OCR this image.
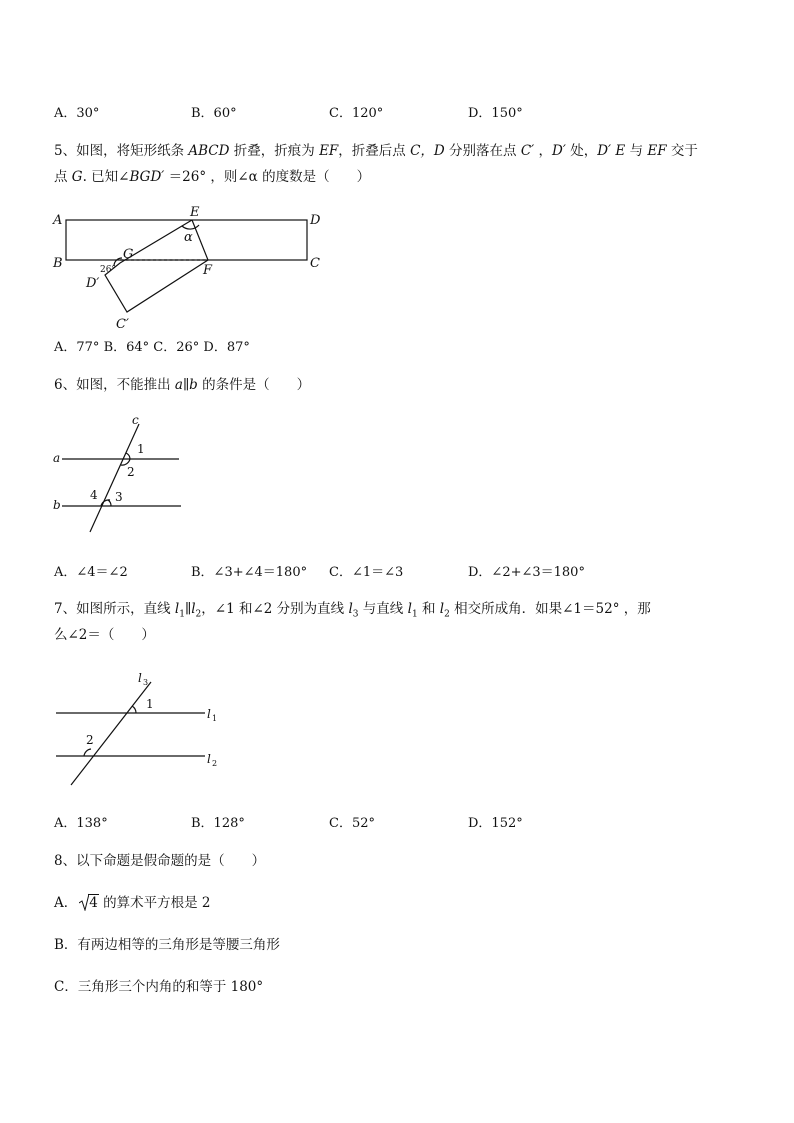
A．30°	B．60°	C．120°	D．150°
5、如图，将矩形纸条 ABCD 折叠，折痕为 EF，折叠后点 C，D 分别落在点 C′ ，D′ 处，D′ E 与 EF 交于
点 G. 已知∠BGD′ ＝26° ，则∠α 的度数是（　　）
A
B	C
D
E
F
G
D′
C′
α
26°
A．77° B．64° C．26° D．87°
6、如图，不能推出 a∥b 的条件是（　　）
a
b
c
1
2
3
4
A．∠4＝∠2	B．∠3+∠4＝180° C．∠1＝∠3	D．∠2+∠3＝180°
7、如图所示，直线 $l_1\parallel l_2$，∠1 和∠2 分别为直线 $l_3$ 与直线 $l_1$ 和 $l_2$ 相交所成角．如果∠1＝52° ，那
么∠2＝（　　）
l 3
l 1
l 2
1
2
A．138°	B．128°	C．52°	D．152°
8、以下命题是假命题的是（　　）
A． 4 的算术平方根是 2
B．有两边相等的三角形是等腰三角形
C．三角形三个内角的和等于 180°
